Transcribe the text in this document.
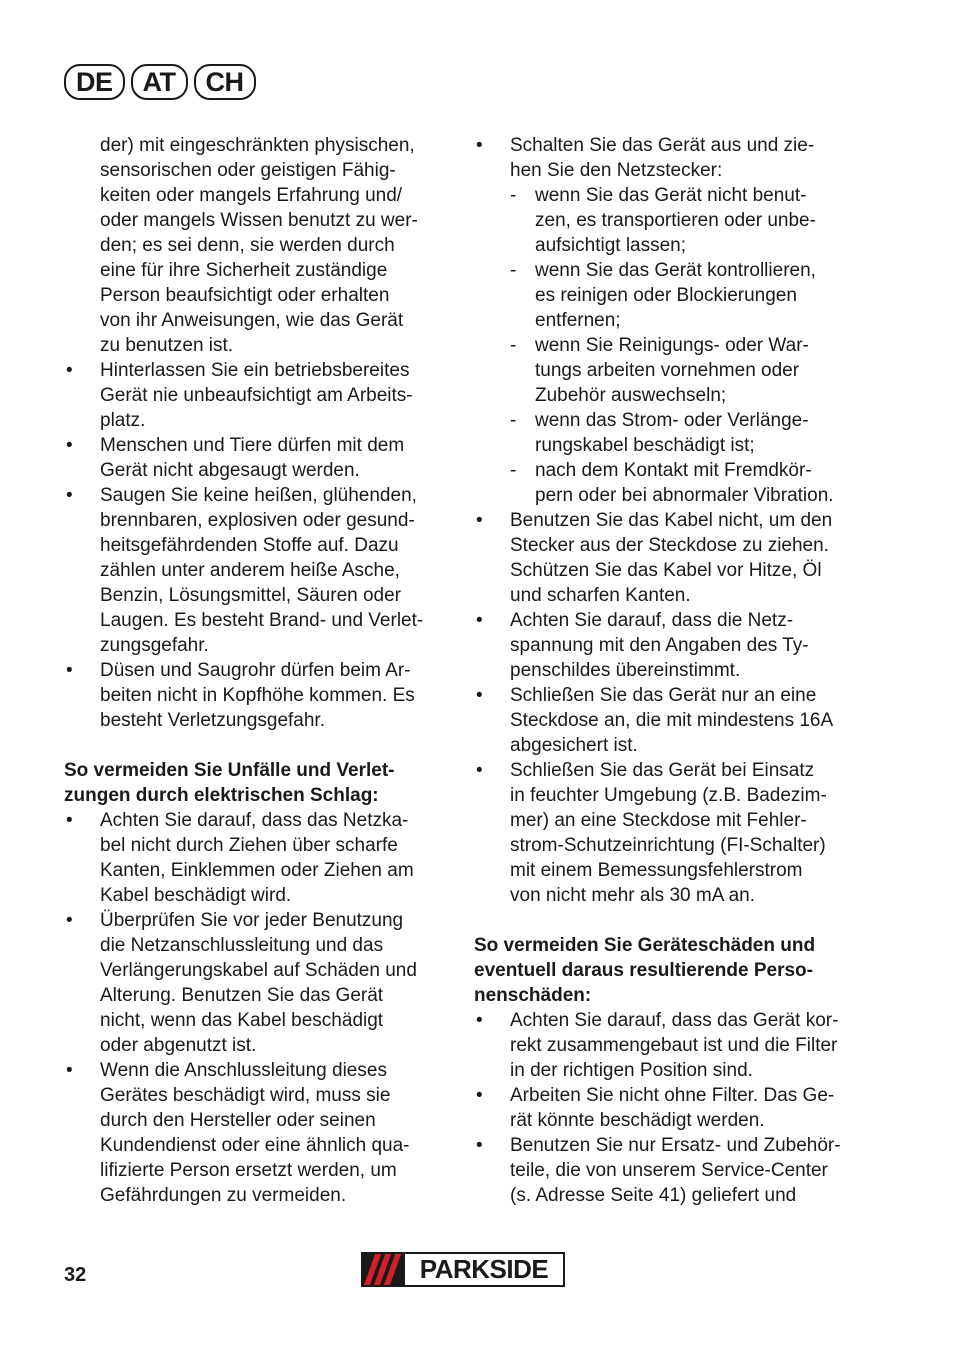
DE	AT	CH
der) mit eingeschränkten physischen,
sensorischen oder geistigen Fähig-
keiten oder mangels Erfahrung und/
oder mangels Wissen benutzt zu wer-
den; es sei denn, sie werden durch
eine für ihre Sicherheit zuständige
Person beaufsichtigt oder erhalten
von ihr Anweisungen, wie das Gerät
zu benutzen ist.
• Hinterlassen Sie ein betriebsbereites
Gerät nie unbeaufsichtigt am Arbeits-
platz.
• Menschen und Tiere dürfen mit dem
Gerät nicht abgesaugt werden.
• Saugen Sie keine heißen, glühenden,
brennbaren, explosiven oder gesund-
heitsgefährdenden Stoffe auf. Dazu
zählen unter anderem heiße Asche,
Benzin, Lösungsmittel, Säuren oder
Laugen. Es besteht Brand- und Verlet-
zungsgefahr.
• Düsen und Saugrohr dürfen beim Ar-
beiten nicht in Kopfhöhe kommen. Es
besteht Verletzungsgefahr.
So vermeiden Sie Unfälle und Verlet-
zungen durch elektrischen Schlag:
• Achten Sie darauf, dass das Netzka-
bel nicht durch Ziehen über scharfe
Kanten, Einklemmen oder Ziehen am
Kabel beschädigt wird.
• Überprüfen Sie vor jeder Benutzung
die Netzanschlussleitung und das
Verlängerungskabel auf Schäden und
Alterung. Benutzen Sie das Gerät
nicht, wenn das Kabel beschädigt
oder abgenutzt ist.
• Wenn die Anschlussleitung dieses
Gerätes beschädigt wird, muss sie
durch den Hersteller oder seinen
Kundendienst oder eine ähnlich qua-
lifizierte Person ersetzt werden, um
Gefährdungen zu vermeiden.
• Schalten Sie das Gerät aus und zie-
hen Sie den Netzstecker:
- wenn Sie das Gerät nicht benut-
zen, es transportieren oder unbe-
aufsichtigt lassen;
- wenn Sie das Gerät kontrollieren,
es reinigen oder Blockierungen
entfernen;
- wenn Sie Reinigungs- oder War-
tungs arbeiten vornehmen oder
Zubehör auswechseln;
- wenn das Strom- oder Verlänge-
rungskabel beschädigt ist;
- nach dem Kontakt mit Fremdkör-
pern oder bei abnormaler Vibration.
• Benutzen Sie das Kabel nicht, um den
Stecker aus der Steckdose zu ziehen.
Schützen Sie das Kabel vor Hitze, Öl
und scharfen Kanten.
• Achten Sie darauf, dass die Netz-
spannung mit den Angaben des Ty-
penschildes übereinstimmt.
• Schließen Sie das Gerät nur an eine
Steckdose an, die mit mindestens 16A
abgesichert ist.
• Schließen Sie das Gerät bei Einsatz
in feuchter Umgebung (z.B. Badezim-
mer) an eine Steckdose mit Fehler-
strom-Schutzeinrichtung (FI-Schalter)
mit einem Bemessungsfehlerstrom
von nicht mehr als 30 mA an.
So vermeiden Sie Geräteschäden und
eventuell daraus resultierende Perso-
nenschäden:
• Achten Sie darauf, dass das Gerät kor-
rekt zusammengebaut ist und die Filter
in der richtigen Position sind.
• Arbeiten Sie nicht ohne Filter. Das Ge-
rät könnte beschädigt werden.
• Benutzen Sie nur Ersatz- und Zubehör-
teile, die von unserem Service-Center
(s. Adresse Seite 41) geliefert und
32	PARKSIDE
